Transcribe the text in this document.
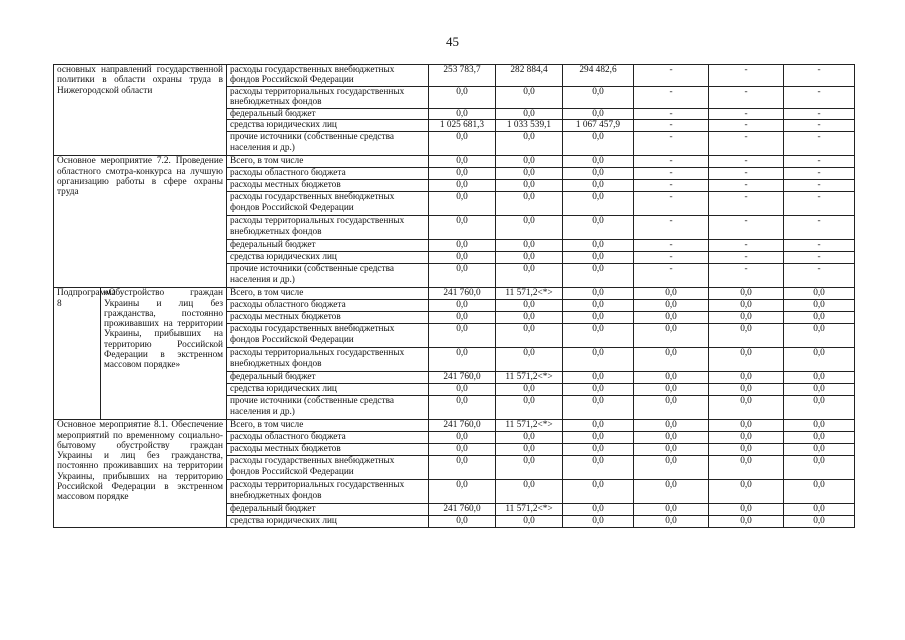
45
основных направлений государственной политики в области охраны труда в Нижегородской области		расходы государственных внебюджетных фондов Российской Федерации	253 783,7	282 884,4	294 482,6	-	-	-
		расходы территориальных государственных внебюджетных фондов	0,0	0,0	0,0	-	-	-
		федеральный бюджет	0,0	0,0	0,0	-	-	-
		средства юридических лиц	1 025 681,3	1 033 539,1	1 067 457,9	-	-	-
		прочие источники (собственные средства населения и др.)	0,0	0,0	0,0	-	-	-
Основное мероприятие 7.2. Проведение областного смотра-конкурса на лучшую организацию работы в сфере охраны труда		Всего, в том числе	0,0	0,0	0,0	-	-	-
		расходы областного бюджета	0,0	0,0	0,0	-	-	-
		расходы местных бюджетов	0,0	0,0	0,0	-	-	-
		расходы государственных внебюджетных фондов Российской Федерации	0,0	0,0	0,0	-	-	-
		расходы территориальных государственных внебюджетных фондов	0,0	0,0	0,0	-	-	-
		федеральный бюджет	0,0	0,0	0,0	-	-	-
		средства юридических лиц	0,0	0,0	0,0	-	-	-
		прочие источники (собственные средства населения и др.)	0,0	0,0	0,0	-	-	-
Подпрограмма 8	«Обустройство граждан Украины и лиц без гражданства, постоянно проживавших на территории Украины, прибывших на территорию Российской Федерации в экстренном массовом порядке»	Всего, в том числе	241 760,0	11 571,2<*>	0,0	0,0	0,0	0,0
		расходы областного бюджета	0,0	0,0	0,0	0,0	0,0	0,0
		расходы местных бюджетов	0,0	0,0	0,0	0,0	0,0	0,0
		расходы государственных внебюджетных фондов Российской Федерации	0,0	0,0	0,0	0,0	0,0	0,0
		расходы территориальных государственных внебюджетных фондов	0,0	0,0	0,0	0,0	0,0	0,0
		федеральный бюджет	241 760,0	11 571,2<*>	0,0	0,0	0,0	0,0
		средства юридических лиц	0,0	0,0	0,0	0,0	0,0	0,0
		прочие источники (собственные средства населения и др.)	0,0	0,0	0,0	0,0	0,0	0,0
Основное мероприятие 8.1. Обеспечение мероприятий по временному социально-бытовому обустройству граждан Украины и лиц без гражданства, постоянно проживавших на территории Украины, прибывших на территорию Российской Федерации в экстренном массовом порядке		Всего, в том числе	241 760,0	11 571,2<*>	0,0	0,0	0,0	0,0
		расходы областного бюджета	0,0	0,0	0,0	0,0	0,0	0,0
		расходы местных бюджетов	0,0	0,0	0,0	0,0	0,0	0,0
		расходы государственных внебюджетных фондов Российской Федерации	0,0	0,0	0,0	0,0	0,0	0,0
		расходы территориальных государственных внебюджетных фондов	0,0	0,0	0,0	0,0	0,0	0,0
		федеральный бюджет	241 760,0	11 571,2<*>	0,0	0,0	0,0	0,0
		средства юридических лиц	0,0	0,0	0,0	0,0	0,0	0,0
